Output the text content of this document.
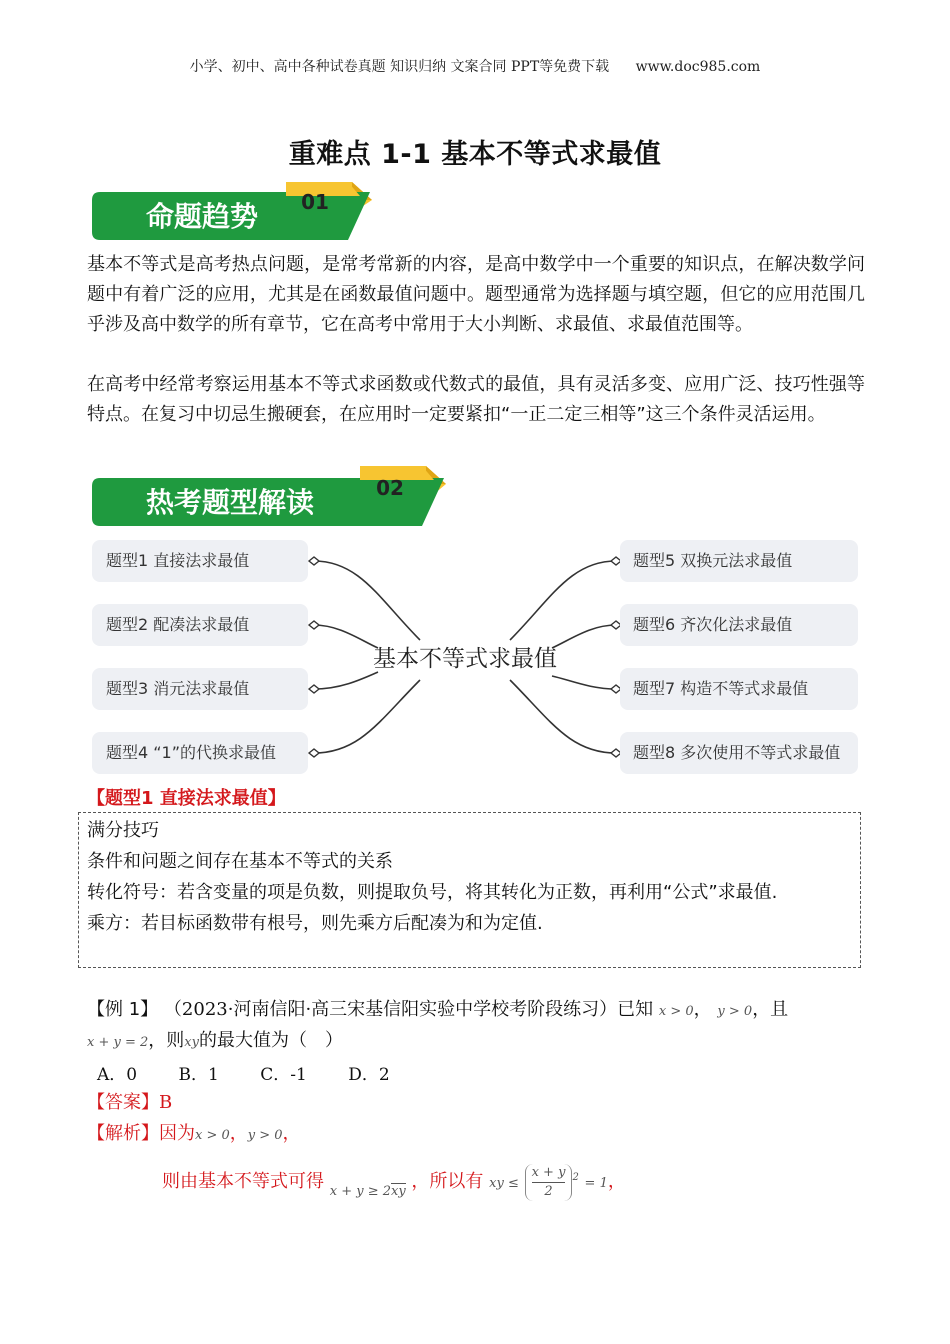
小学、初中、高中各种试卷真题 知识归纳 文案合同 PPT等免费下载 www.doc985.com
重难点 1-1 基本不等式求最值
命题趋势 01
基本不等式是高考热点问题，是常考常新的内容，是高中数学中一个重要的知识点，在解决数学问题中有着广泛的应用，尤其是在函数最值问题中。题型通常为选择题与填空题，但它的应用范围几乎涉及高中数学的所有章节，它在高考中常用于大小判断、求最值、求最值范围等。
在高考中经常考察运用基本不等式求函数或代数式的最值，具有灵活多变、应用广泛、技巧性强等特点。在复习中切忌生搬硬套，在应用时一定要紧扣“一正二定三相等”这三个条件灵活运用。
热考题型解读	02
题型1 直接法求最值
题型2 配凑法求最值
题型3 消元法求最值
题型4 “1”的代换求最值
题型5 双换元法求最值
题型6 齐次化法求最值
题型7 构造不等式求最值
题型8 多次使用不等式求最值
基本不等式求最值
【题型1 直接法求最值】
满分技巧
条件和问题之间存在基本不等式的关系
转化符号：若含变量的项是负数，则提取负号，将其转化为正数，再利用“公式”求最值.
乘方：若目标函数带有根号，则先乘方后配凑为和为定值.
【例 1】 （2023·河南信阳·高三宋基信阳实验中学校考阶段练习）已知 x > 0， y > 0，且
x + y = 2，则xy的最大值为（　）
A．0 B．1 C．-1 D．2
【答案】B
【解析】因为x > 0，y > 0，
则由基本不等式可得 $_{x + y \ge 2xy}$ ，所以有 xy ≤ $\frac{x + y}{2} ^2 = 1$，
